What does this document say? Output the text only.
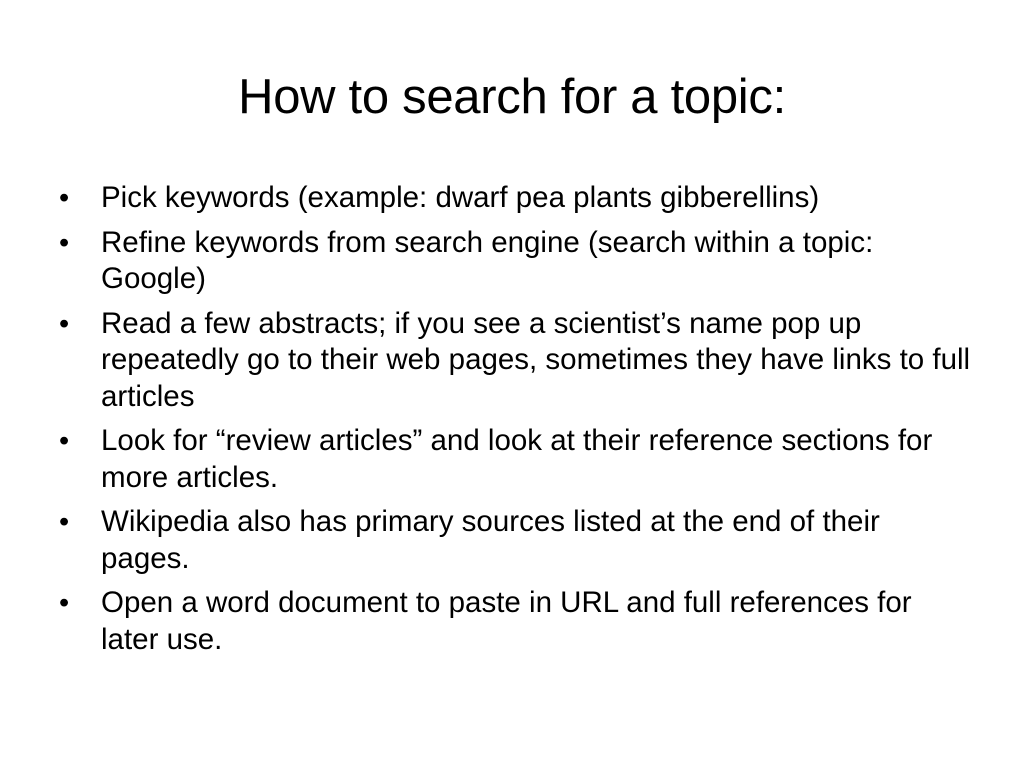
How to search for a topic:
• Pick keywords (example: dwarf pea plants gibberellins)
• Refine keywords from search engine (search within a topic: Google)
• Read a few abstracts; if you see a scientist’s name pop up repeatedly go to their web pages, sometimes they have links to full articles
• Look for “review articles” and look at their reference sections for more articles.
• Wikipedia also has primary sources listed at the end of their pages.
• Open a word document to paste in URL and full references for later use.
